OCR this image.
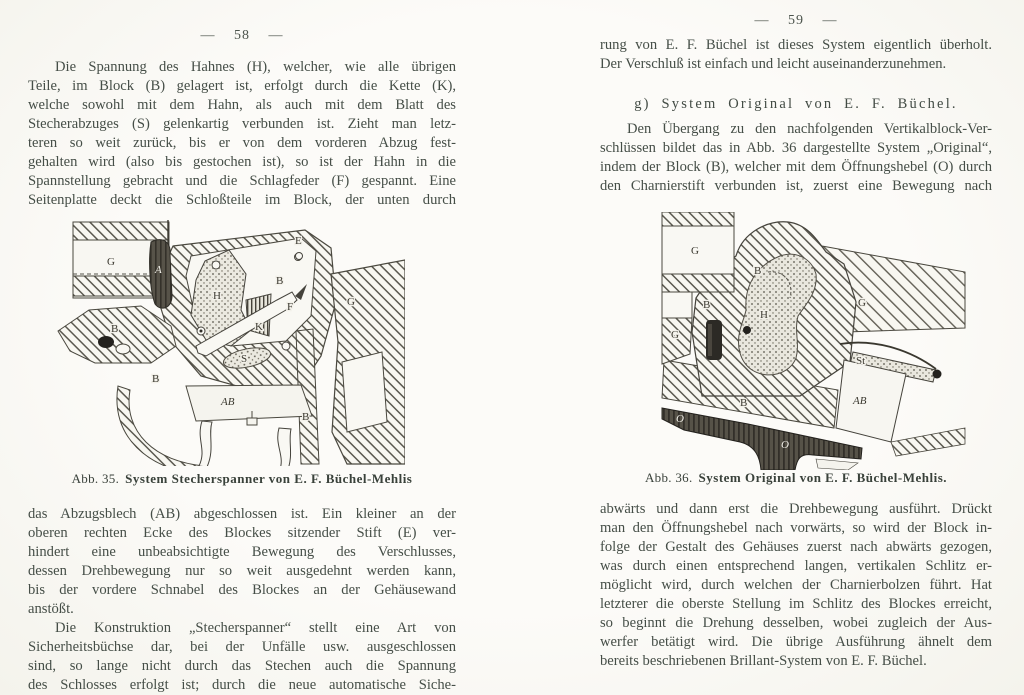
— 58 —
Die Spannung des Hahnes (H), welcher, wie alle übrigen
Teile, im Block (B) gelagert ist, erfolgt durch die Kette (K),
welche sowohl mit dem Hahn, als auch mit dem Blatt des
Stecherabzuges (S) gelenkartig verbunden ist. Zieht man letz-
teren so weit zurück, bis er von dem vorderen Abzug fest-
gehalten wird (also bis gestochen ist), so ist der Hahn in die
Spannstellung gebracht und die Schlagfeder (F) gespannt. Eine
Seitenplatte deckt die Schloßteile im Block, der unten durch
G
A
E
B
H
F
K
S
AB
B
B
B
G
Abb. 35. System Stecherspanner von E. F. Büchel-Mehlis
das Abzugsblech (AB) abgeschlossen ist. Ein kleiner an der
oberen rechten Ecke des Blockes sitzender Stift (E) ver-
hindert eine unbeabsichtigte Bewegung des Verschlusses,
dessen Drehbewegung nur so weit ausgedehnt werden kann,
bis der vordere Schnabel des Blockes an der Gehäusewand
anstößt.
Die Konstruktion „Stecherspanner“ stellt eine Art von
Sicherheitsbüchse dar, bei der Unfälle usw. ausgeschlossen
sind, so lange nicht durch das Stechen auch die Spannung
des Schlosses erfolgt ist; durch die neue automatische Siche-
— 59 —
rung von E. F. Büchel ist dieses System eigentlich überholt.
Der Verschluß ist einfach und leicht auseinanderzunehmen.
g) System Original von E. F. Büchel.
Den Übergang zu den nachfolgenden Vertikalblock-Ver-
schlüssen bildet das in Abb. 36 dargestellte System „Original“,
indem der Block (B), welcher mit dem Öffnungshebel (O) durch
den Charnierstift verbunden ist, zuerst eine Bewegung nach
G
G
B
B
H
G
St
AB
B
O
O
Abb. 36. System Original von E. F. Büchel-Mehlis.
abwärts und dann erst die Drehbewegung ausführt. Drückt
man den Öffnungshebel nach vorwärts, so wird der Block in-
folge der Gestalt des Gehäuses zuerst nach abwärts gezogen,
was durch einen entsprechend langen, vertikalen Schlitz er-
möglicht wird, durch welchen der Charnierbolzen führt. Hat
letzterer die oberste Stellung im Schlitz des Blockes erreicht,
so beginnt die Drehung desselben, wobei zugleich der Aus-
werfer betätigt wird. Die übrige Ausführung ähnelt dem
bereits beschriebenen Brillant-System von E. F. Büchel.
